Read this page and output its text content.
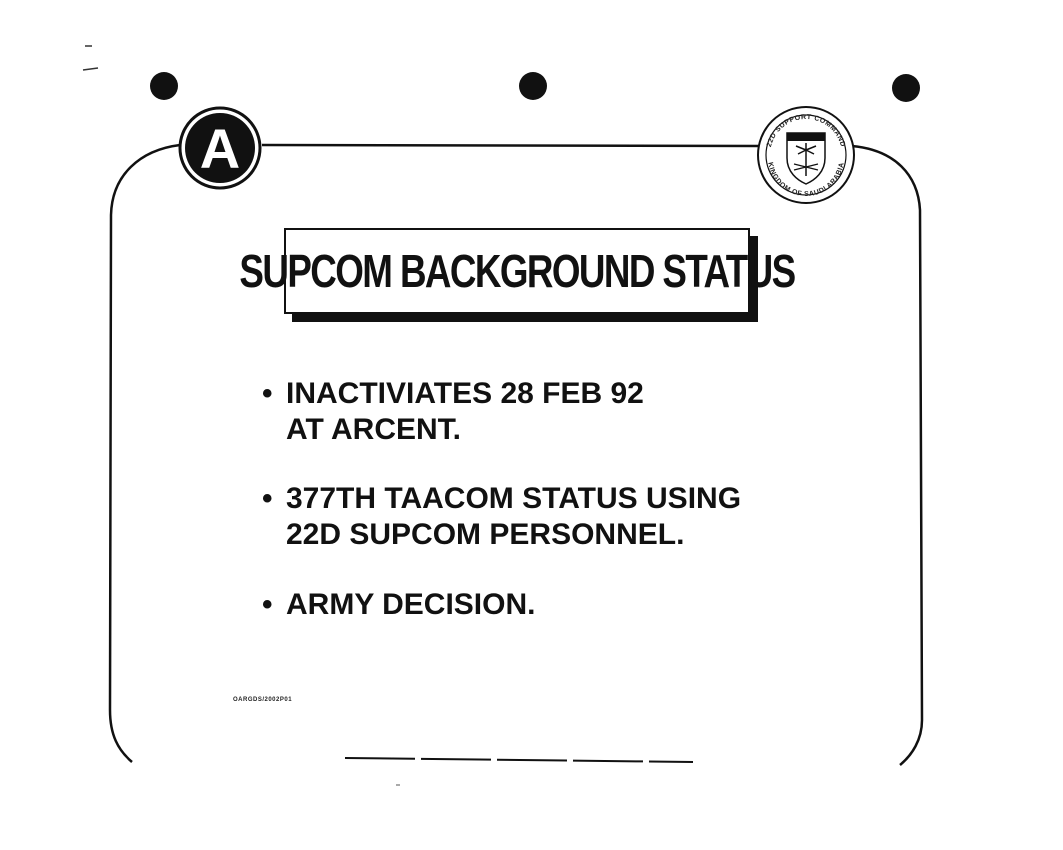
A	22D SUPPORT COMMAND
KINGDOM OF SAUDI ARABIA
SUPCOM BACKGROUND STATUS
• INACTIVIATES 28 FEB 92
AT ARCENT.
• 377TH TAACOM STATUS USING
22D SUPCOM PERSONNEL.
• ARMY DECISION.
OARGDS/2002P01
